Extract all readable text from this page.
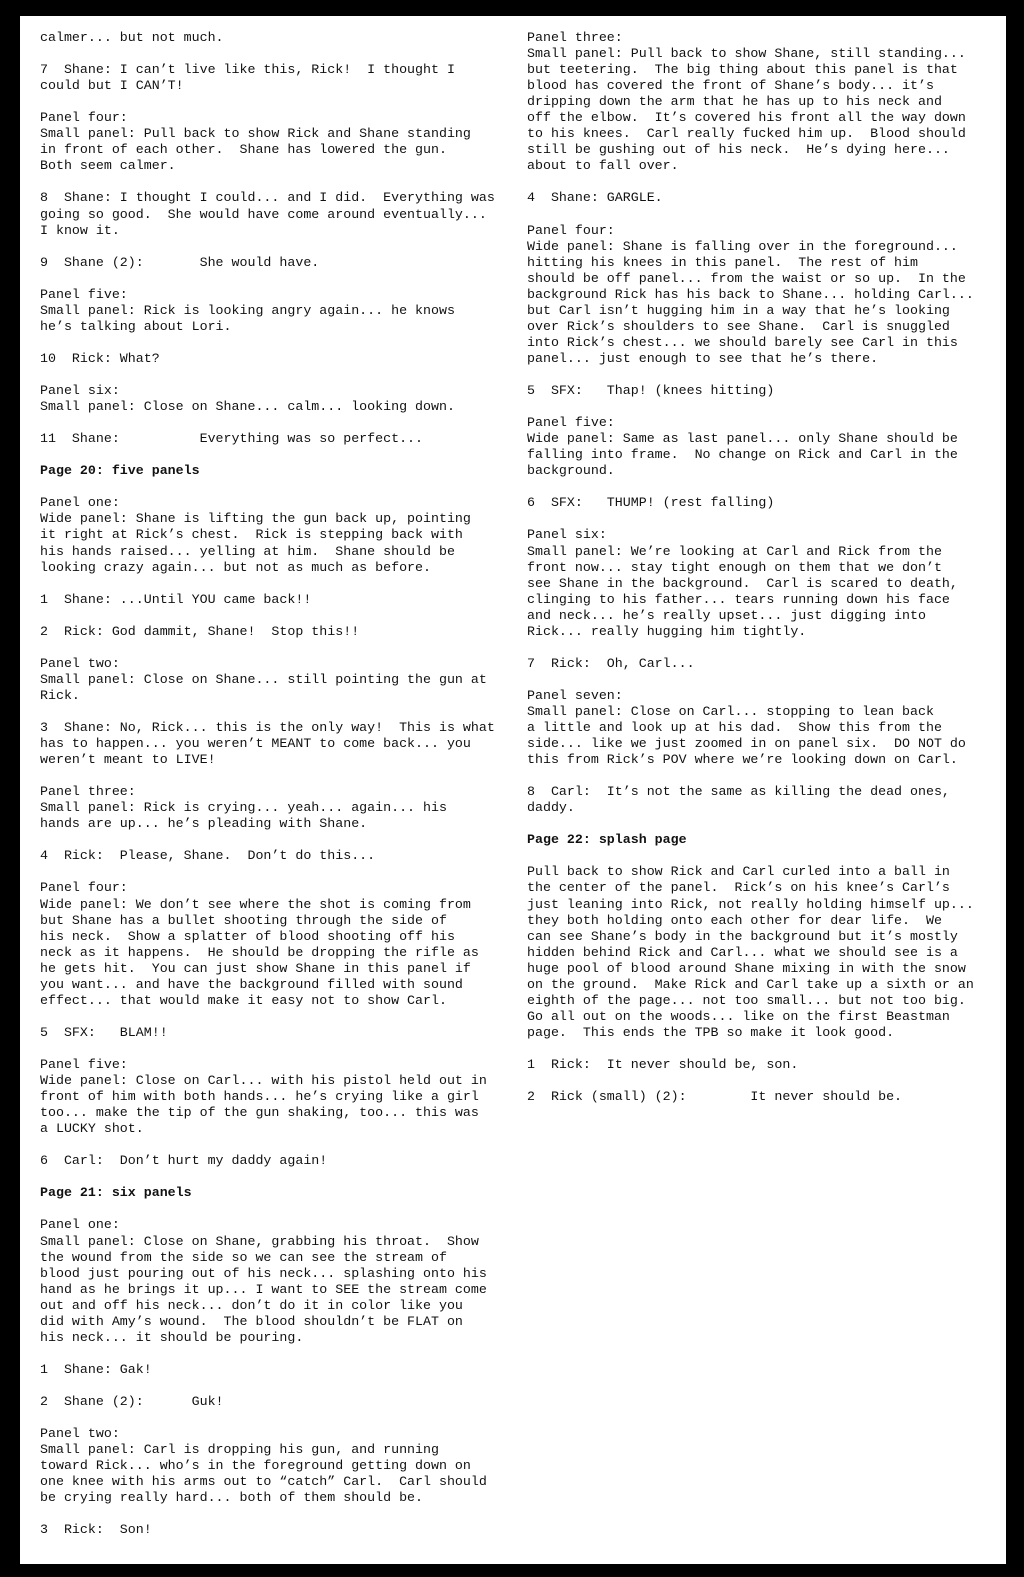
calmer... but not much.
7  Shane: I can’t live like this, Rick!  I thought I
could but I CAN’T!
Panel four:
Small panel: Pull back to show Rick and Shane standing
in front of each other.  Shane has lowered the gun.
Both seem calmer.
8  Shane: I thought I could... and I did.  Everything was
going so good.  She would have come around eventually...
I know it.
9  Shane (2):       She would have.
Panel five:
Small panel: Rick is looking angry again... he knows
he’s talking about Lori.
10  Rick: What?
Panel six:
Small panel: Close on Shane... calm... looking down.
11  Shane:          Everything was so perfect...
Page 20: five panels
Panel one:
Wide panel: Shane is lifting the gun back up, pointing
it right at Rick’s chest.  Rick is stepping back with
his hands raised... yelling at him.  Shane should be
looking crazy again... but not as much as before.
1  Shane: ...Until YOU came back!!
2  Rick: God dammit, Shane!  Stop this!!
Panel two:
Small panel: Close on Shane... still pointing the gun at
Rick.
3  Shane: No, Rick... this is the only way!  This is what
has to happen... you weren’t MEANT to come back... you
weren’t meant to LIVE!
Panel three:
Small panel: Rick is crying... yeah... again... his
hands are up... he’s pleading with Shane.
4  Rick:  Please, Shane.  Don’t do this...
Panel four:
Wide panel: We don’t see where the shot is coming from
but Shane has a bullet shooting through the side of
his neck.  Show a splatter of blood shooting off his
neck as it happens.  He should be dropping the rifle as
he gets hit.  You can just show Shane in this panel if
you want... and have the background filled with sound
effect... that would make it easy not to show Carl.
5  SFX:   BLAM!!
Panel five:
Wide panel: Close on Carl... with his pistol held out in
front of him with both hands... he’s crying like a girl
too... make the tip of the gun shaking, too... this was
a LUCKY shot.
6  Carl:  Don’t hurt my daddy again!
Page 21: six panels
Panel one:
Small panel: Close on Shane, grabbing his throat.  Show
the wound from the side so we can see the stream of
blood just pouring out of his neck... splashing onto his
hand as he brings it up... I want to SEE the stream come
out and off his neck... don’t do it in color like you
did with Amy’s wound.  The blood shouldn’t be FLAT on
his neck... it should be pouring.
1  Shane: Gak!
2  Shane (2):      Guk!
Panel two:
Small panel: Carl is dropping his gun, and running
toward Rick... who’s in the foreground getting down on
one knee with his arms out to “catch” Carl.  Carl should
be crying really hard... both of them should be.
3  Rick:  Son!
Panel three:
Small panel: Pull back to show Shane, still standing...
but teetering.  The big thing about this panel is that
blood has covered the front of Shane’s body... it’s
dripping down the arm that he has up to his neck and
off the elbow.  It’s covered his front all the way down
to his knees.  Carl really fucked him up.  Blood should
still be gushing out of his neck.  He’s dying here...
about to fall over.
4  Shane: GARGLE.
Panel four:
Wide panel: Shane is falling over in the foreground...
hitting his knees in this panel.  The rest of him
should be off panel... from the waist or so up.  In the
background Rick has his back to Shane... holding Carl...
but Carl isn’t hugging him in a way that he’s looking
over Rick’s shoulders to see Shane.  Carl is snuggled
into Rick’s chest... we should barely see Carl in this
panel... just enough to see that he’s there.
5  SFX:   Thap! (knees hitting)
Panel five:
Wide panel: Same as last panel... only Shane should be
falling into frame.  No change on Rick and Carl in the
background.
6  SFX:   THUMP! (rest falling)
Panel six:
Small panel: We’re looking at Carl and Rick from the
front now... stay tight enough on them that we don’t
see Shane in the background.  Carl is scared to death,
clinging to his father... tears running down his face
and neck... he’s really upset... just digging into
Rick... really hugging him tightly.
7  Rick:  Oh, Carl...
Panel seven:
Small panel: Close on Carl... stopping to lean back
a little and look up at his dad.  Show this from the
side... like we just zoomed in on panel six.  DO NOT do
this from Rick’s POV where we’re looking down on Carl.
8  Carl:  It’s not the same as killing the dead ones,
daddy.
Page 22: splash page
Pull back to show Rick and Carl curled into a ball in
the center of the panel.  Rick’s on his knee’s Carl’s
just leaning into Rick, not really holding himself up...
they both holding onto each other for dear life.  We
can see Shane’s body in the background but it’s mostly
hidden behind Rick and Carl... what we should see is a
huge pool of blood around Shane mixing in with the snow
on the ground.  Make Rick and Carl take up a sixth or an
eighth of the page... not too small... but not too big.
Go all out on the woods... like on the first Beastman
page.  This ends the TPB so make it look good.
1  Rick:  It never should be, son.
2  Rick (small) (2):        It never should be.
